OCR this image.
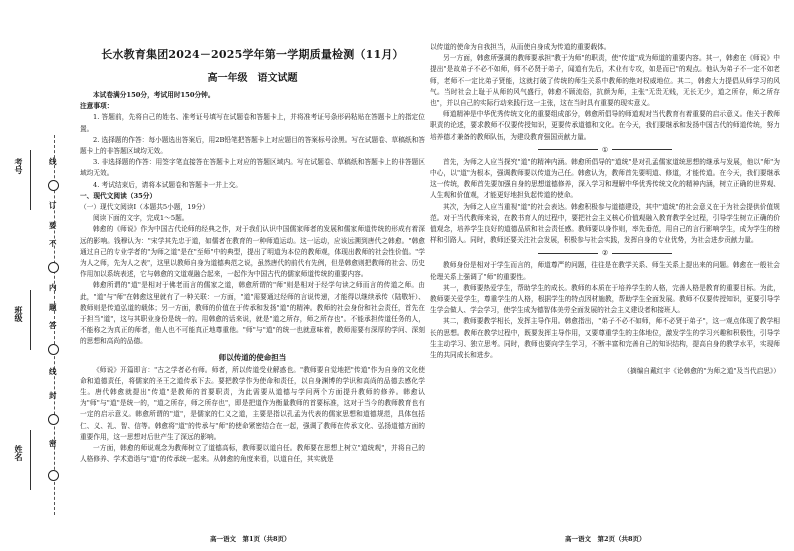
考号
班级
姓名
线
订
要
不
内
题
答
线
封
密
长水教育集团2024－2025学年第一学期质量检测（11月）
高一年级　语文试题
本试卷满分150分，考试用时150分钟。
注意事项：
1. 答题前，先将自己的姓名、准考证号填写在试题卷和答题卡上，并将准考证号条形码粘贴在答题卡上的指定位置。
2. 选择题的作答：每小题选出答案后，用2B铅笔把答题卡上对应题目的答案标号涂黑。写在试题卷、草稿纸和答题卡上的非答题区域均无效。
3. 非选择题的作答：用签字笔直接答在答题卡上对应的答题区域内。写在试题卷、草稿纸和答题卡上的非答题区域均无效。
4. 考试结束后，请将本试题卷和答题卡一并上交。
一、现代文阅读（35分）
（一）现代文阅读Ⅰ（本题共5小题，19分）
阅读下面的文字，完成1～5题。
韩愈的《师说》作为中国古代论师的经典之作，对于我们认识中国儒家师者的发展和儒家师道传统的形成有着深远的影响。钱穆认为："宋学其先忠于道，如儒者在教育的一种师道运动。这一运动，应该远溯到唐代之韩愈。"韩愈通过自己的专业学者的"为师之道"是在"至师"中的典型，提出了明道为本位的教师观，体现出教师的社会性价值。"学为人之师，先为人之表"，这里以教师自身为道德典范之说，虽然唐代的前代有先例，但是韩愈则把教师的社会、历史作用加以系统表述，它与韩愈的文道观融合起来，一起作为中国古代的儒家师道传统的重要内容。
韩愈所谓的"道"是相对于佛老而言的儒家之道，韩愈所谓的"师"则是相对于经学句读之师而言的传道之师。由此，"道"与"师"在韩愈这里就有了一种关联：一方面，"道"需要通过经师的言说传递，才能得以继续承传（陆敬轩）、教师则是传道弘道的载体；另一方面，教师的价值在于传承和发扬"道"的精神。教师的社会身份和社会责任，首先在于担当"道"，这与其职业身份是统一的。用韩愈的话来说，就是"道之所存，师之所存也"。不能承担传道任务的人，不能称之为真正的师者，他人也不可能真正地尊重他。"师"与"道"的统一也就意味着，教师需要有深厚的学问、深刻的思想和高尚的品德。
师以传道的使命担当
《师说》开篇即言："古之学者必有师。师者，所以传道受业解惑也。"教师要自觉地把"传道"作为自身的文化使命和道德责任，将儒家的圣王之道传承下去。要把教学作为使命和责任，以自身渊博的学识和高尚的品德去感化学生。唐代韩愈就提出"传道"是教师的首要职责，为此需要从道德与学问两个方面提升教师的修养。韩愈认为"师"与"道"是统一的，"道之所存，师之所存也"，即是把道作为衡量教师的首要标准，这对于当今的教师教育也有一定的启示意义。韩愈所谓的"道"，是儒家的仁义之道，主要是指以孔孟为代表的儒家思想和道德规范，具体包括仁、义、礼、智、信等。韩愈将"道"的传承与"师"的使命紧密结合在一起，强调了教师在传承文化、弘扬道德方面的重要作用，这一思想对后世产生了深远的影响。
一方面，韩愈的师说观念为教师树立了道德高标，教师要以道自任。教师要在思想上树立"道统观"，并将自己的人格修养、学术造诣与"道"的传承统一起来。从韩愈的角度来看，以道自任，其实就是
高一语文　第1页（共8页）
以传道的使命为自我担当，从而使自身成为传道的重要载体。
另一方面，韩愈所强调的教师要承担"教于为师"的职责，使"传道"成为师道的重要内容。其一，韩愈在《师说》中提出"是故弟子不必不如师，师不必贤于弟子，闻道有先后，术业有专攻，如是而已"的观点。他认为弟子不一定不如老师，老师不一定比弟子贤能，这就打破了传统的师生关系中教师的绝对权威地位。其二，韩愈大力提倡从师学习的风气。当时社会上耻于从师的风气盛行，韩愈不顾流俗，抗颜为师，主张"无贵无贱，无长无少，道之所存，师之所存也"，并以自己的实际行动来践行这一主张，这在当时具有重要的现实意义。
师道精神是中华优秀传统文化的重要组成部分，韩愈所倡导的师道观对当代教育有着重要的启示意义。他关于教师职责的论述，要求教师不仅要传授知识，更要传承道德和文化。在今天，我们要继承和发扬中国古代的师道传统，努力培养德才兼备的教师队伍，为建设教育强国贡献力量。
①
首先，为师之人应当探究"道"的精神内涵。韩愈所倡导的"道统"是对孔孟儒家道统思想的继承与发展，他以"师"为中心，以"道"为根本，强调教师要以传道为己任。韩愈认为，教师首先要明道、修道，才能传道。在今天，我们要继承这一传统，教师首先要加强自身的思想道德修养，深入学习和理解中华优秀传统文化的精神内涵，树立正确的世界观、人生观和价值观，才能更好地担负起传道的使命。
其次，为师之人应当重视"道"的社会表达。韩愈积极参与道德建设，其中"道统"的社会意义在于为社会提供价值规范。对于当代教师来说，在教书育人的过程中，要把社会主义核心价值观融入教育教学全过程，引导学生树立正确的价值观念，培养学生良好的道德品质和社会责任感。教师要以身作则，率先垂范，用自己的言行影响学生，成为学生的榜样和引路人。同时，教师还要关注社会发展，积极参与社会实践，发挥自身的专业优势，为社会进步贡献力量。
②
教师身份是相对于学生而言的，师道尊严的问题，往往是在教学关系、师生关系上提出来的问题。韩愈在一般社会伦理关系上强调了"师"的重要性。
其一，教师要热爱学生，帮助学生的成长。教师的本质在于培养学生的人格，完善人格是教育的重要目标。为此，教师要关爱学生，尊重学生的人格，根据学生的特点因材施教，帮助学生全面发展。教师不仅要传授知识，更要引导学生学会做人、学会学习，使学生成为德智体美劳全面发展的社会主义建设者和接班人。
其二，教师要教学相长，发挥主导作用。韩愈指出，"弟子不必不如师，师不必贤于弟子"，这一观点体现了教学相长的思想。教师在教学过程中，既要发挥主导作用，又要尊重学生的主体地位，激发学生的学习兴趣和积极性，引导学生主动学习、独立思考。同时，教师也要向学生学习，不断丰富和完善自己的知识结构，提高自身的教学水平，实现师生的共同成长和进步。
（摘编自戴红宇《论韩愈的"为师之道"及当代启思》）
高一语文　第2页（共8页）
